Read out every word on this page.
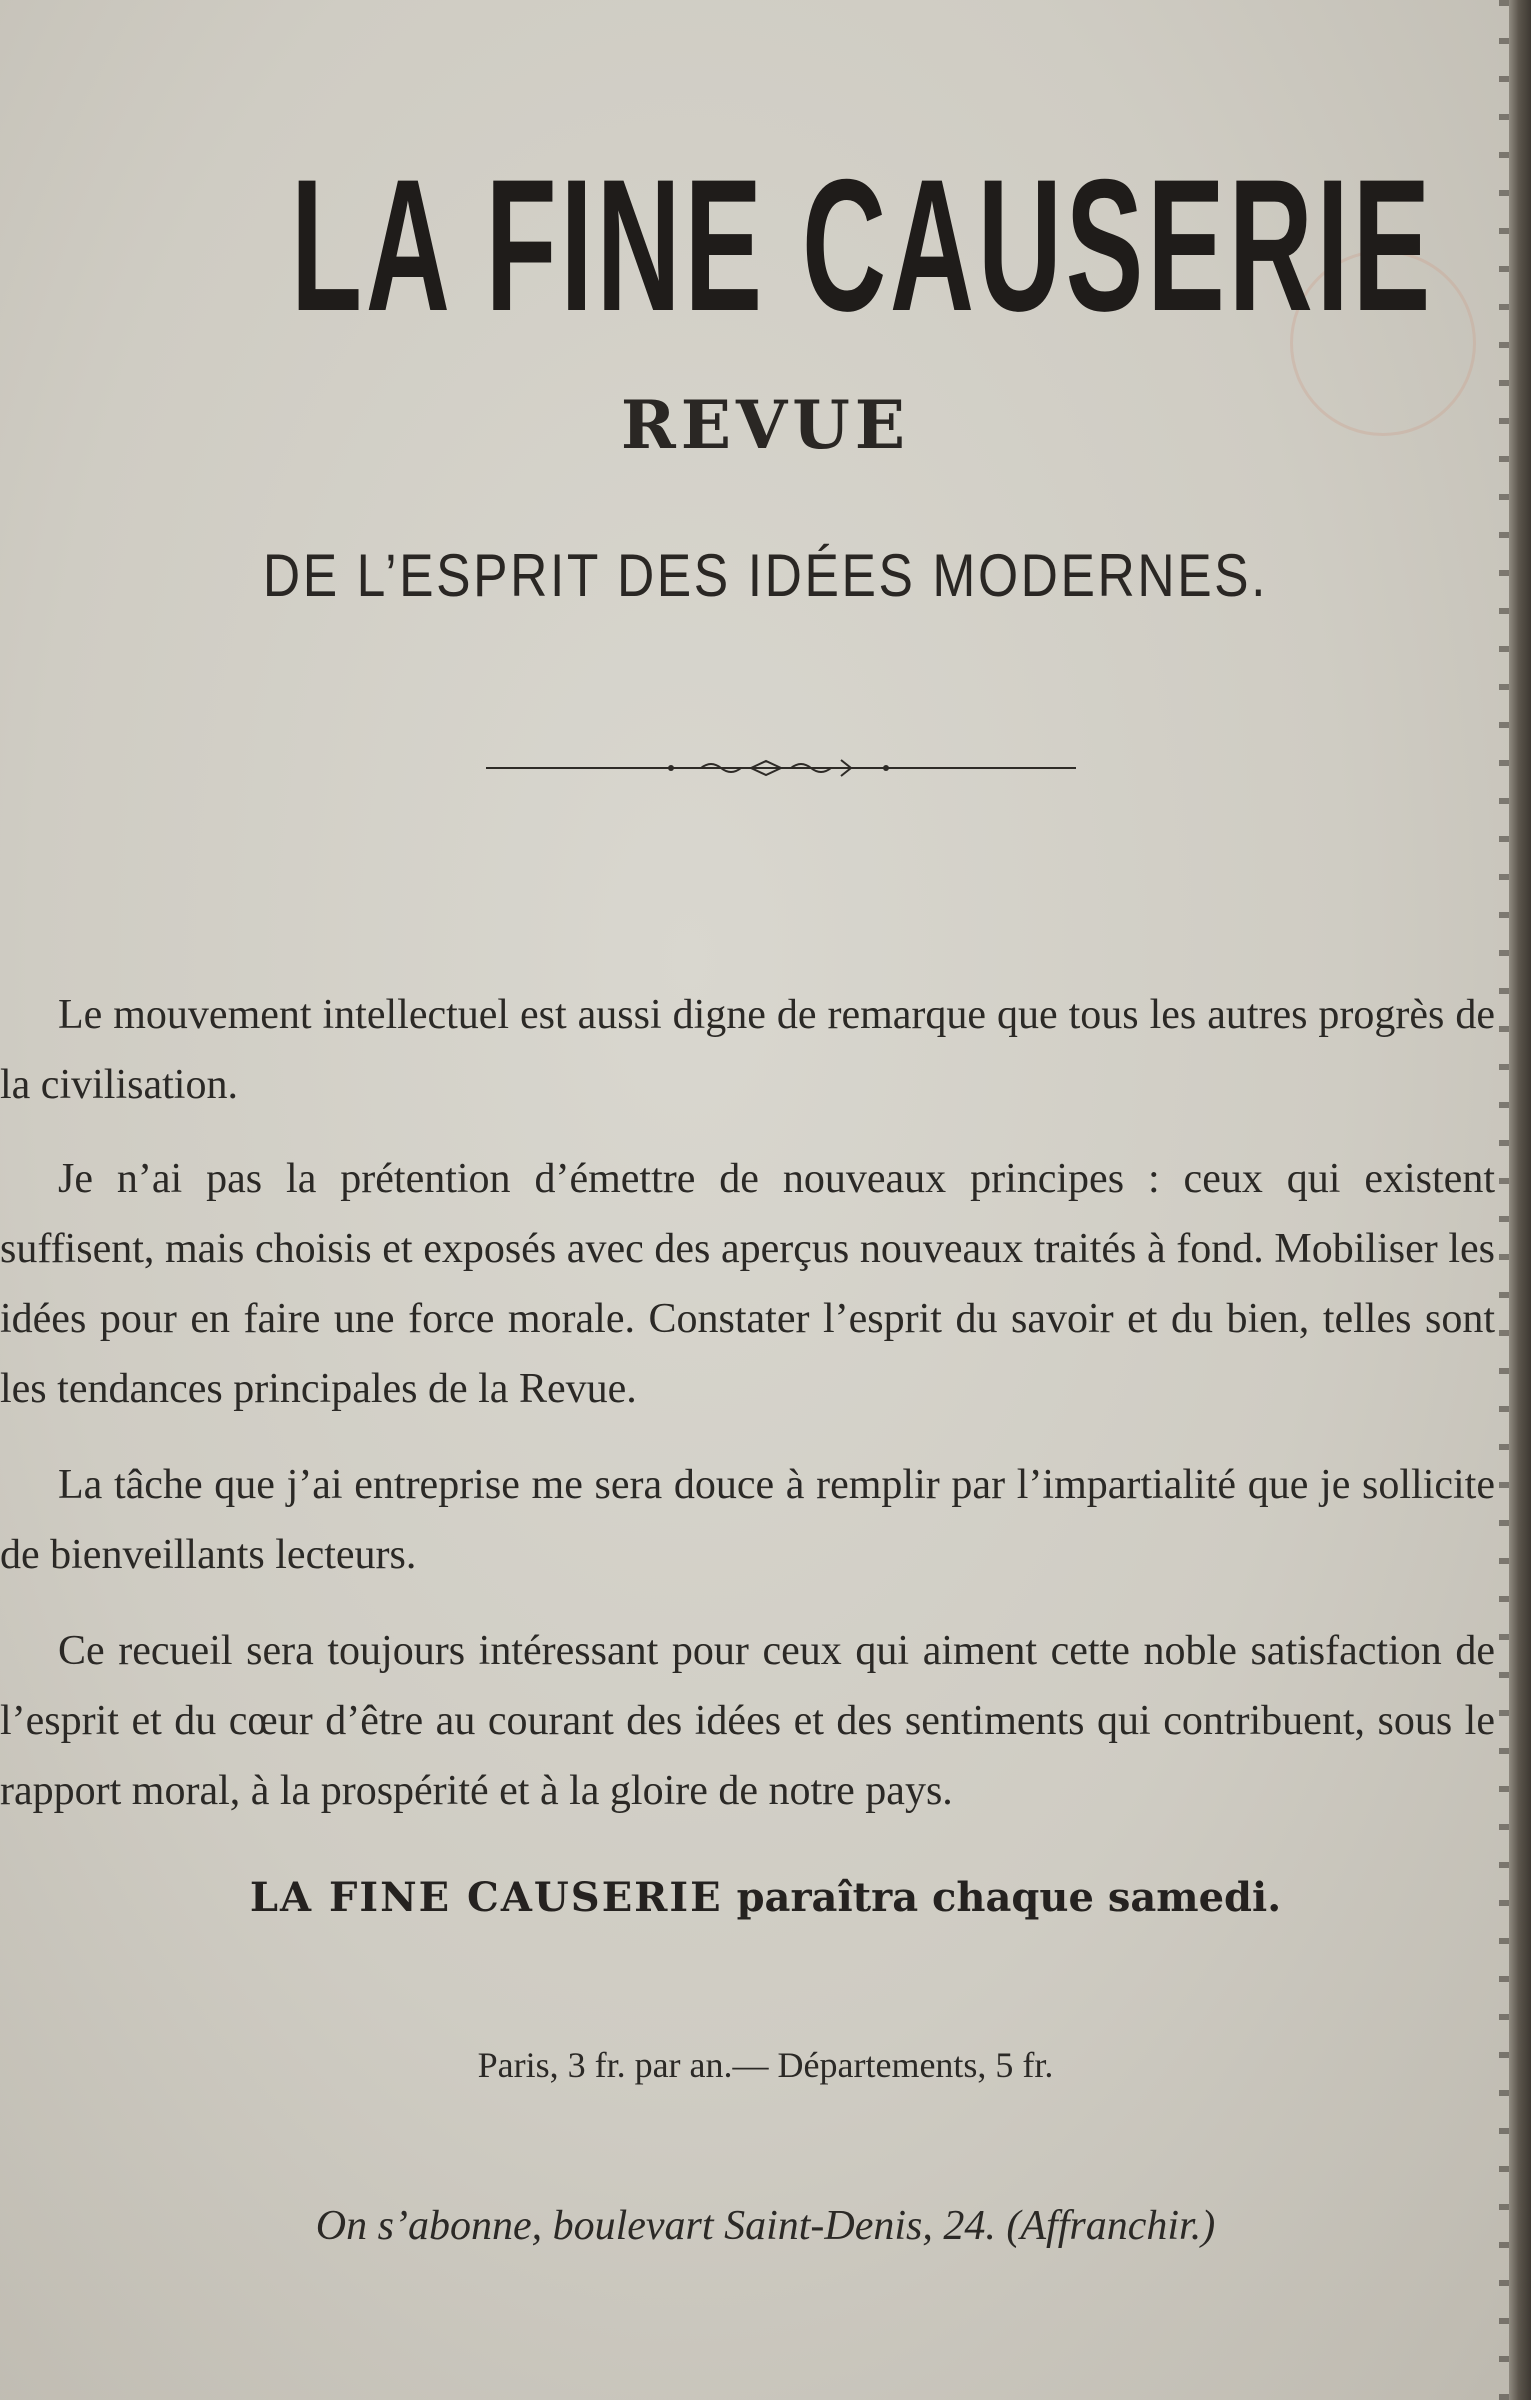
LA FINE CAUSERIE
REVUE
DE L’ESPRIT DES IDÉES MODERNES.

Le mouvement intellectuel est aussi digne de remarque que tous les autres progrès de la civilisation.

Je n’ai pas la prétention d’émettre de nouveaux principes : ceux qui existent suffisent, mais choisis et exposés avec des aperçus nouveaux traités à fond. Mobiliser les idées pour en faire une force morale. Constater l’esprit du savoir et du bien, telles sont les tendances principales de la Revue.

La tâche que j’ai entreprise me sera douce à remplir par l’impartialité que je sollicite de bienveillants lecteurs.

Ce recueil sera toujours intéressant pour ceux qui aiment cette noble satisfaction de l’esprit et du cœur d’être au courant des idées et des sentiments qui contribuent, sous le rapport moral, à la prospérité et à la gloire de notre pays.

LA FINE CAUSERIE paraîtra chaque samedi.
Paris, 3 fr. par an.— Départements, 5 fr.
On s’abonne, boulevart Saint-Denis, 24. (Affranchir.)
